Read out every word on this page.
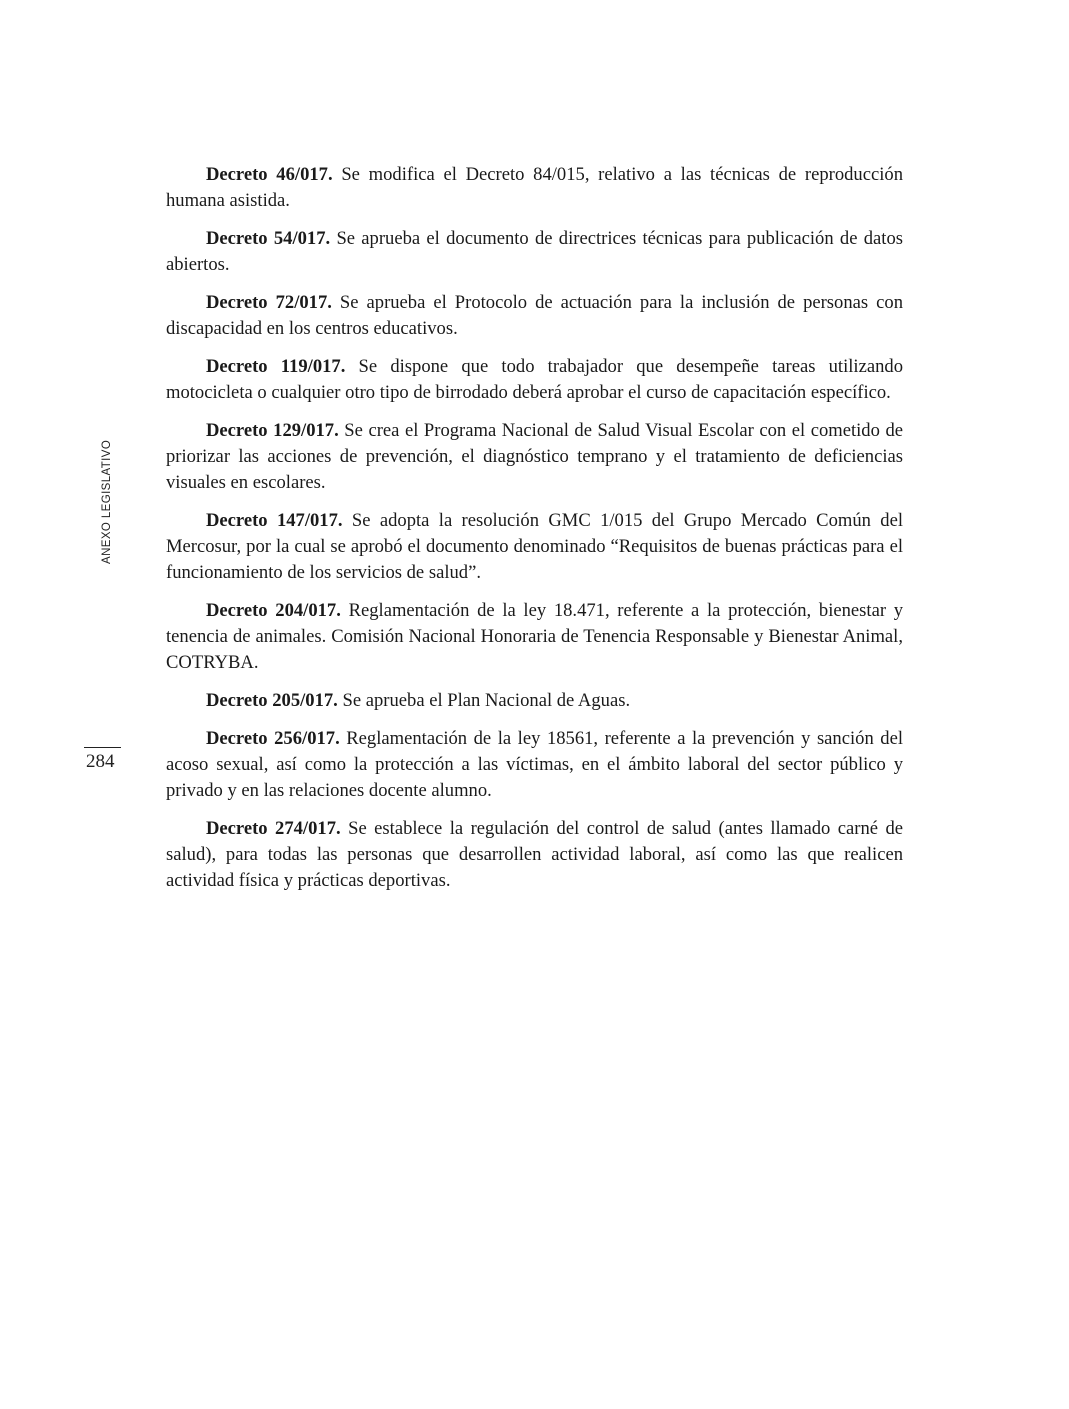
ANEXO LEGISLATIVO
284

Decreto 46/017. Se modifica el Decreto 84/015, relativo a las técnicas de reproducción humana asistida.

Decreto 54/017. Se aprueba el documento de directrices técnicas para publicación de datos abiertos.

Decreto 72/017. Se aprueba el Protocolo de actuación para la inclusión de personas con discapacidad en los centros educativos.

Decreto 119/017. Se dispone que todo trabajador que desempeñe tareas utilizando motocicleta o cualquier otro tipo de birrodado deberá aprobar el curso de capacitación específico.

Decreto 129/017. Se crea el Programa Nacional de Salud Visual Escolar con el cometido de priorizar las acciones de prevención, el diagnóstico temprano y el tratamiento de deficiencias visuales en escolares.

Decreto 147/017. Se adopta la resolución GMC 1/015 del Grupo Mercado Común del Mercosur, por la cual se aprobó el documento denominado “Requisitos de buenas prácticas para el funcionamiento de los servicios de salud”.

Decreto 204/017. Reglamentación de la ley 18.471, referente a la protección, bienestar y tenencia de animales. Comisión Nacional Honoraria de Tenencia Responsable y Bienestar Animal, COTRYBA.

Decreto 205/017. Se aprueba el Plan Nacional de Aguas.

Decreto 256/017. Reglamentación de la ley 18561, referente a la prevención y sanción del acoso sexual, así como la protección a las víctimas, en el ámbito laboral del sector público y privado y en las relaciones docente alumno.

Decreto 274/017. Se establece la regulación del control de salud (antes llamado carné de salud), para todas las personas que desarrollen actividad laboral, así como las que realicen actividad física y prácticas deportivas.
